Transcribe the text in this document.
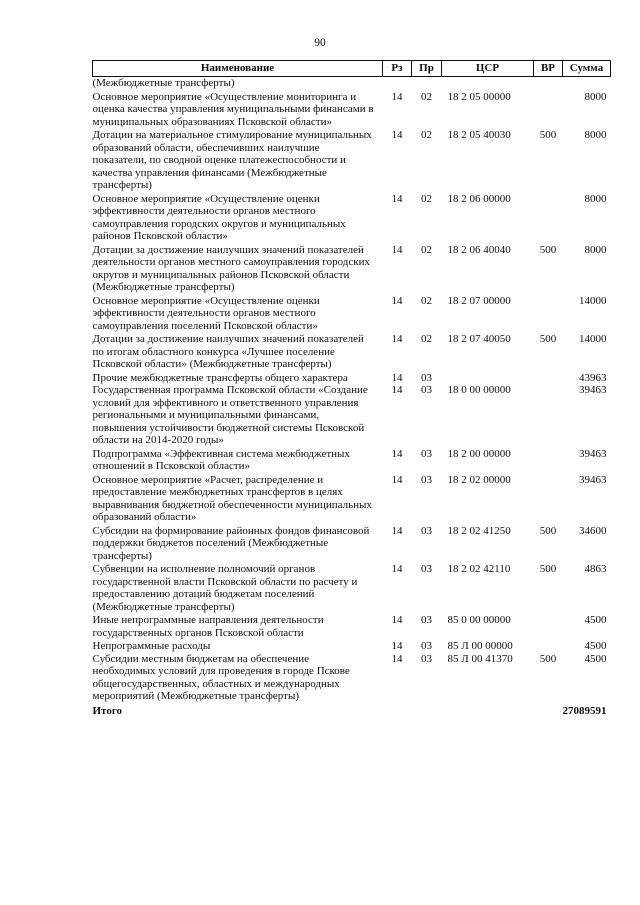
90
Наименование	Рз	Пр	ЦСР	ВР	Сумма
(Межбюджетные трансферты)					
Основное мероприятие «Осуществление мониторинга и оценка качества управления муниципальными финансами в муниципальных образованиях Псковской области»	14	02	18 2 05 00000		8000
Дотации на материальное стимулирование муниципальных образований области, обеспечивших наилучшие показатели, по сводной оценке платежеспособности и качества управления финансами (Межбюджетные трансферты)	14	02	18 2 05 40030	500	8000
Основное мероприятие «Осуществление оценки эффективности деятельности органов местного самоуправления городских округов и муниципальных районов Псковской области»	14	02	18 2 06 00000		8000
Дотации за достижение наилучших значений показателей деятельности органов местного самоуправления городских округов и муниципальных районов Псковской области (Межбюджетные трансферты)	14	02	18 2 06 40040	500	8000
Основное мероприятие «Осуществление оценки эффективности деятельности органов местного самоуправления поселений Псковской области»	14	02	18 2 07 00000		14000
Дотации за достижение наилучших значений показателей по итогам областного конкурса «Лучшее поселение Псковской области» (Межбюджетные трансферты)	14	02	18 2 07 40050	500	14000
Прочие межбюджетные трансферты общего характера	14	03			43963
Государственная программа Псковской области «Создание условий для эффективного и ответственного управления региональными и муниципальными финансами, повышения устойчивости бюджетной системы Псковской области на 2014-2020 годы»	14	03	18 0 00 00000		39463
Подпрограмма «Эффективная система межбюджетных отношений в Псковской области»	14	03	18 2 00 00000		39463
Основное мероприятие «Расчет, распределение и предоставление межбюджетных трансфертов в целях выравнивания бюджетной обеспеченности муниципальных образований области»	14	03	18 2 02 00000		39463
Субсидии на формирование районных фондов финансовой поддержки бюджетов поселений (Межбюджетные трансферты)	14	03	18 2 02 41250	500	34600
Субвенции на исполнение полномочий органов государственной власти Псковской области по расчету и предоставлению дотаций бюджетам поселений (Межбюджетные трансферты)	14	03	18 2 02 42110	500	4863
Иные непрограммные направления деятельности государственных органов Псковской области	14	03	85 0 00 00000		4500
Непрограммные расходы	14	03	85 Л 00 00000		4500
Субсидии местным бюджетам на обеспечение необходимых условий для проведения в городе Пскове общегосударственных, областных и международных мероприятий (Межбюджетные трансферты)	14	03	85 Л 00 41370	500	4500
Итого					27089591
